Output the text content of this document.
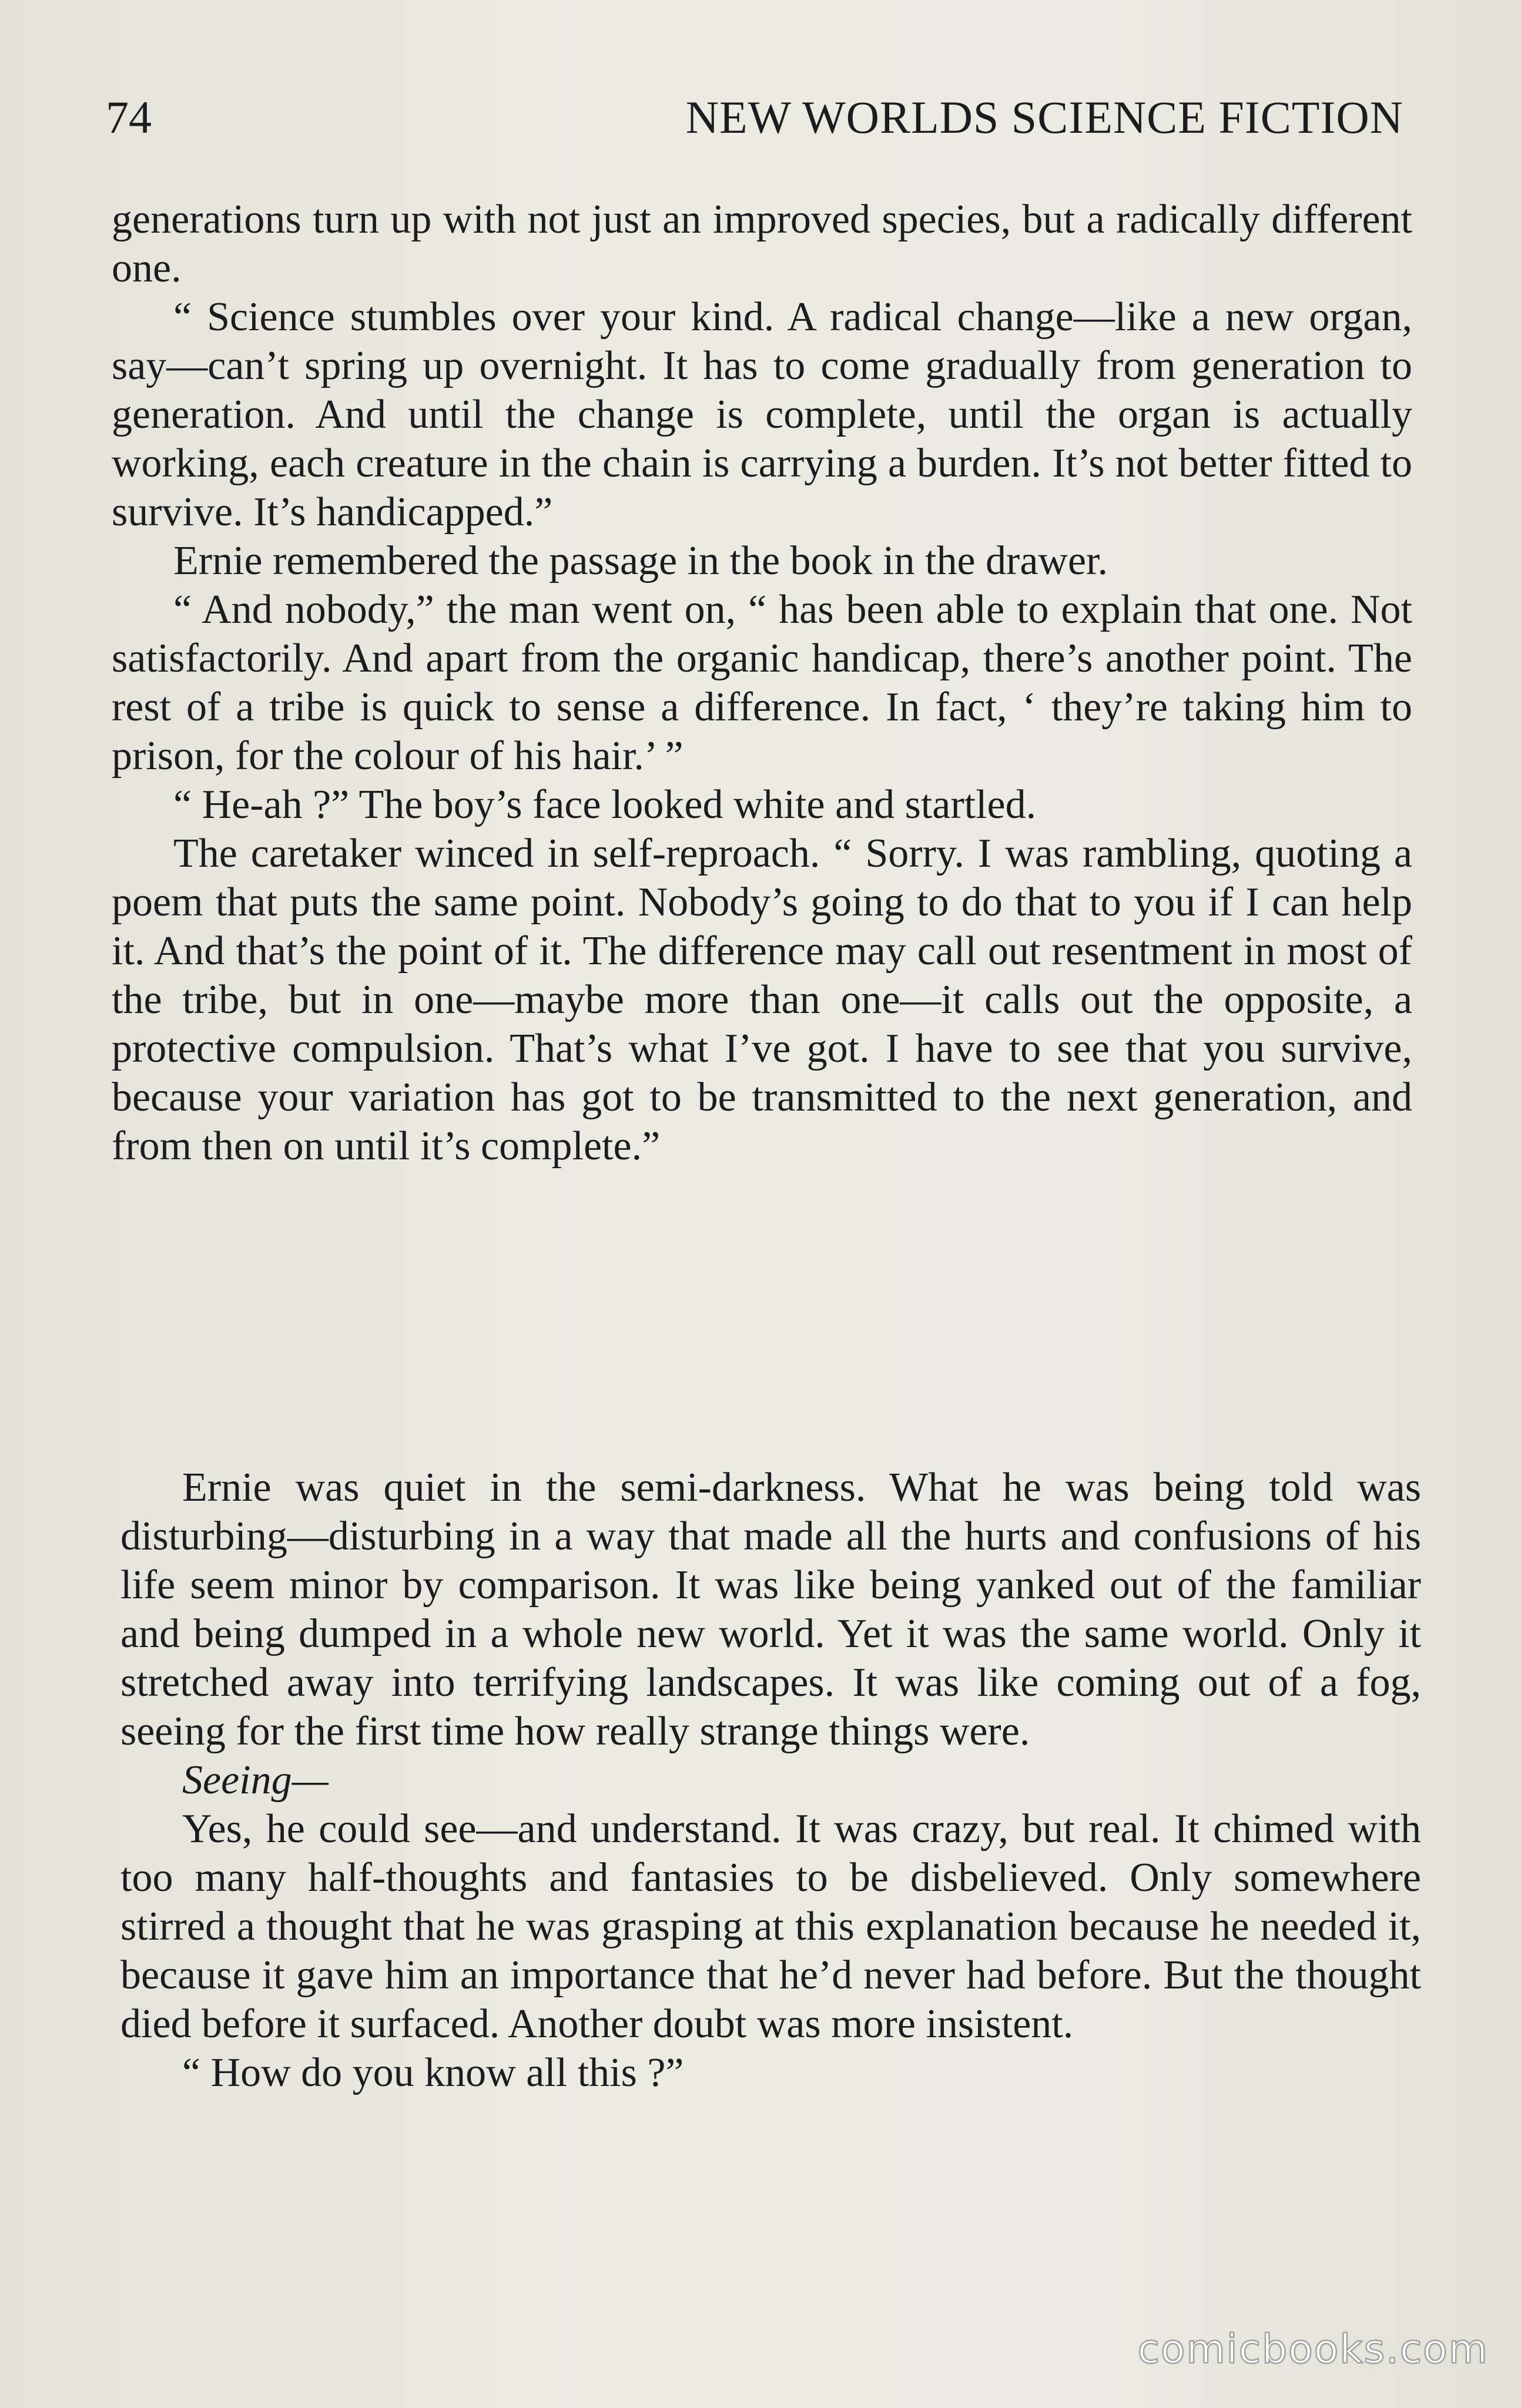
74	NEW WORLDS SCIENCE FICTION

generations turn up with not just an improved species, but a radically different one.

“ Science stumbles over your kind. A radical change—like a new organ, say—can’t spring up overnight. It has to come gradually from generation to generation. And until the change is complete, until the organ is actually working, each creature in the chain is carrying a burden. It’s not better fitted to survive. It’s handicapped.”

Ernie remembered the passage in the book in the drawer.

“ And nobody,” the man went on, “ has been able to explain that one. Not satisfactorily. And apart from the organic handicap, there’s another point. The rest of a tribe is quick to sense a difference. In fact, ‘ they’re taking him to prison, for the colour of his hair.’ ”

“ He-ah ?” The boy’s face looked white and startled.

The caretaker winced in self-reproach. “ Sorry. I was rambling, quoting a poem that puts the same point. Nobody’s going to do that to you if I can help it. And that’s the point of it. The difference may call out resentment in most of the tribe, but in one—maybe more than one—it calls out the opposite, a protective compulsion. That’s what I’ve got. I have to see that you survive, because your variation has got to be transmitted to the next generation, and from then on until it’s complete.”

Ernie was quiet in the semi-darkness. What he was being told was disturbing—disturbing in a way that made all the hurts and confusions of his life seem minor by comparison. It was like being yanked out of the familiar and being dumped in a whole new world. Yet it was the same world. Only it stretched away into terrifying landscapes. It was like coming out of a fog, seeing for the first time how really strange things were.

Seeing—

Yes, he could see—and understand. It was crazy, but real. It chimed with too many half-thoughts and fantasies to be disbelieved. Only somewhere stirred a thought that he was grasping at this explanation because he needed it, because it gave him an importance that he’d never had before. But the thought died before it surfaced. Another doubt was more insistent.

“ How do you know all this ?”

comicbooks.com
